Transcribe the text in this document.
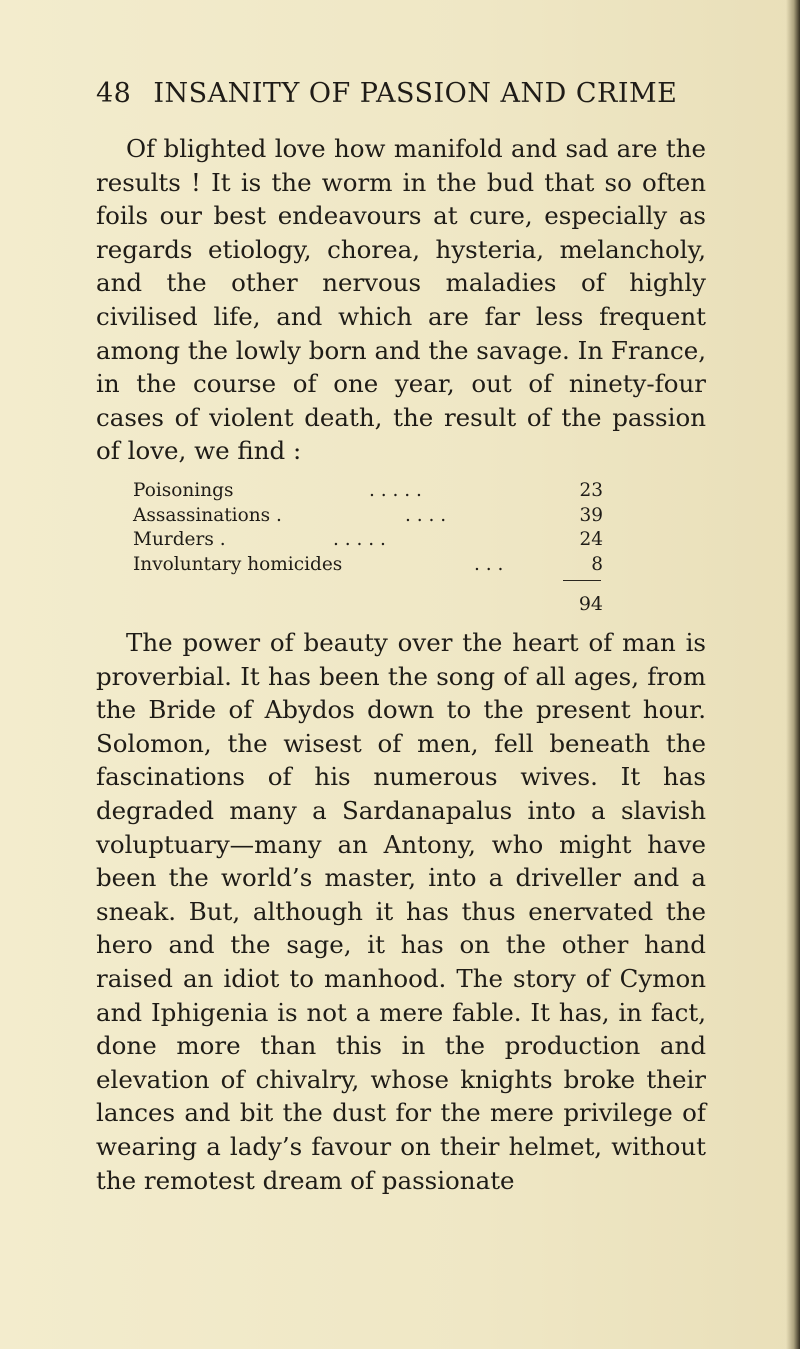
48 INSANITY OF PASSION AND CRIME

Of blighted love how manifold and sad are the results ! It is the worm in the bud that so often foils our best endeavours at cure, especially as regards etiology, chorea, hysteria, melancholy, and the other nervous maladies of highly civilised life, and which are far less frequent among the lowly born and the savage. In France, in the course of one year, out of ninety-four cases of violent death, the result of the passion of love, we find :

Poisonings	. . . . .	23
Assassinations .	. . . .	39
Murders .	. . . . .	24
Involuntary homicides	. . .	8
94

The power of beauty over the heart of man is proverbial. It has been the song of all ages, from the Bride of Abydos down to the present hour. Solomon, the wisest of men, fell beneath the fascinations of his numerous wives. It has degraded many a Sardanapalus into a slavish voluptuary—many an Antony, who might have been the world’s master, into a driveller and a sneak. But, although it has thus enervated the hero and the sage, it has on the other hand raised an idiot to manhood. The story of Cymon and Iphigenia is not a mere fable. It has, in fact, done more than this in the production and elevation of chivalry, whose knights broke their lances and bit the dust for the mere privilege of wearing a lady’s favour on their helmet, without the remotest dream of passionate
